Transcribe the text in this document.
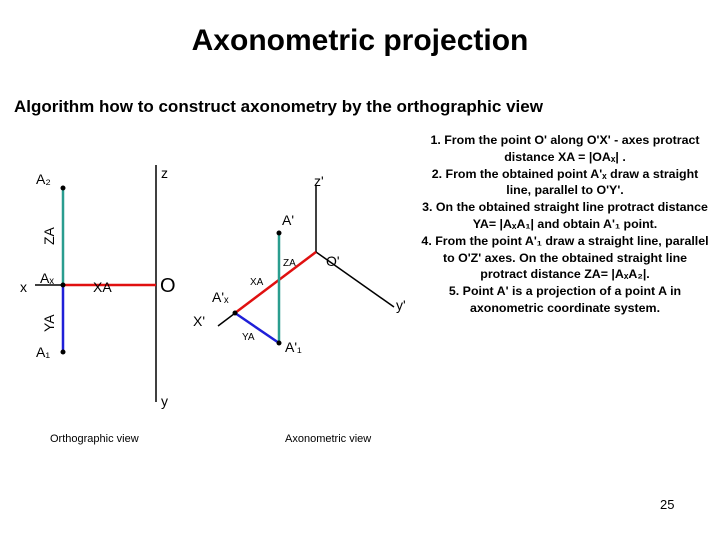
Axonometric projection
Algorithm how to construct axonometry by the orthographic view
z
x
y
O
A₂
Aₓ
A₁
XA
ZA
YA
Orthographic view
z'
y'
X'
O'
A'
A'ₓ
A'₁
XA
YA
ZA
Axonometric view

1. From the point O' along O'X' - axes protract distance XA = |OAₓ| .

2. From the obtained point A'ₓ draw a straight line, parallel to O'Y'.

3. On the obtained straight line protract distance YA= |AₓA₁| and obtain A'₁ point.

4. From the point A'₁ draw a straight line, parallel to O'Z' axes. On the obtained straight line protract distance ZA= |AₓA₂|.

5. Point A' is a projection of a point A in axonometric coordinate system.

25
